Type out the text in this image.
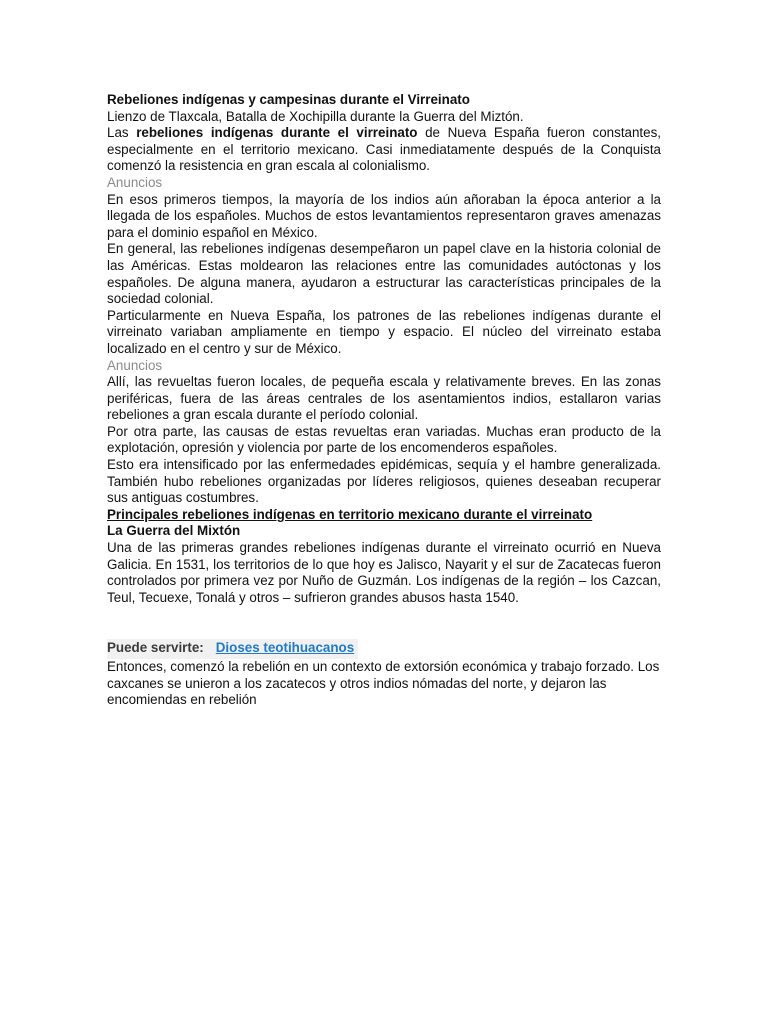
Rebeliones indígenas y campesinas durante el Virreinato

Lienzo de Tlaxcala, Batalla de Xochipilla durante la Guerra del Miztón.

Las rebeliones indígenas durante el virreinato de Nueva España fueron constantes, especialmente en el territorio mexicano. Casi inmediatamente después de la Conquista comenzó la resistencia en gran escala al colonialismo.

Anuncios

En esos primeros tiempos, la mayoría de los indios aún añoraban la época anterior a la llegada de los españoles. Muchos de estos levantamientos representaron graves amenazas para el dominio español en México.

En general, las rebeliones indígenas desempeñaron un papel clave en la historia colonial de las Américas. Estas moldearon las relaciones entre las comunidades autóctonas y los españoles. De alguna manera, ayudaron a estructurar las características principales de la sociedad colonial.

Particularmente en Nueva España, los patrones de las rebeliones indígenas durante el virreinato variaban ampliamente en tiempo y espacio. El núcleo del virreinato estaba localizado en el centro y sur de México.

Anuncios

Allí, las revueltas fueron locales, de pequeña escala y relativamente breves. En las zonas periféricas, fuera de las áreas centrales de los asentamientos indios, estallaron varias rebeliones a gran escala durante el período colonial.

Por otra parte, las causas de estas revueltas eran variadas. Muchas eran producto de la explotación, opresión y violencia por parte de los encomenderos españoles.

Esto era intensificado por las enfermedades epidémicas, sequía y el hambre generalizada. También hubo rebeliones organizadas por líderes religiosos, quienes deseaban recuperar sus antiguas costumbres.

Principales rebeliones indígenas en territorio mexicano durante el virreinato

La Guerra del Mixtón

Una de las primeras grandes rebeliones indígenas durante el virreinato ocurrió en Nueva Galicia. En 1531, los territorios de lo que hoy es Jalisco, Nayarit y el sur de Zacatecas fueron controlados por primera vez por Nuño de Guzmán. Los indígenas de la región – los Cazcan, Teul, Tecuexe, Tonalá y otros – sufrieron grandes abusos hasta 1540.

Puede servirte: Dioses teotihuacanos

Entonces, comenzó la rebelión en un contexto de extorsión económica y trabajo forzado. Los caxcanes se unieron a los zacatecos y otros indios nómadas del norte, y dejaron las encomiendas en rebelión
